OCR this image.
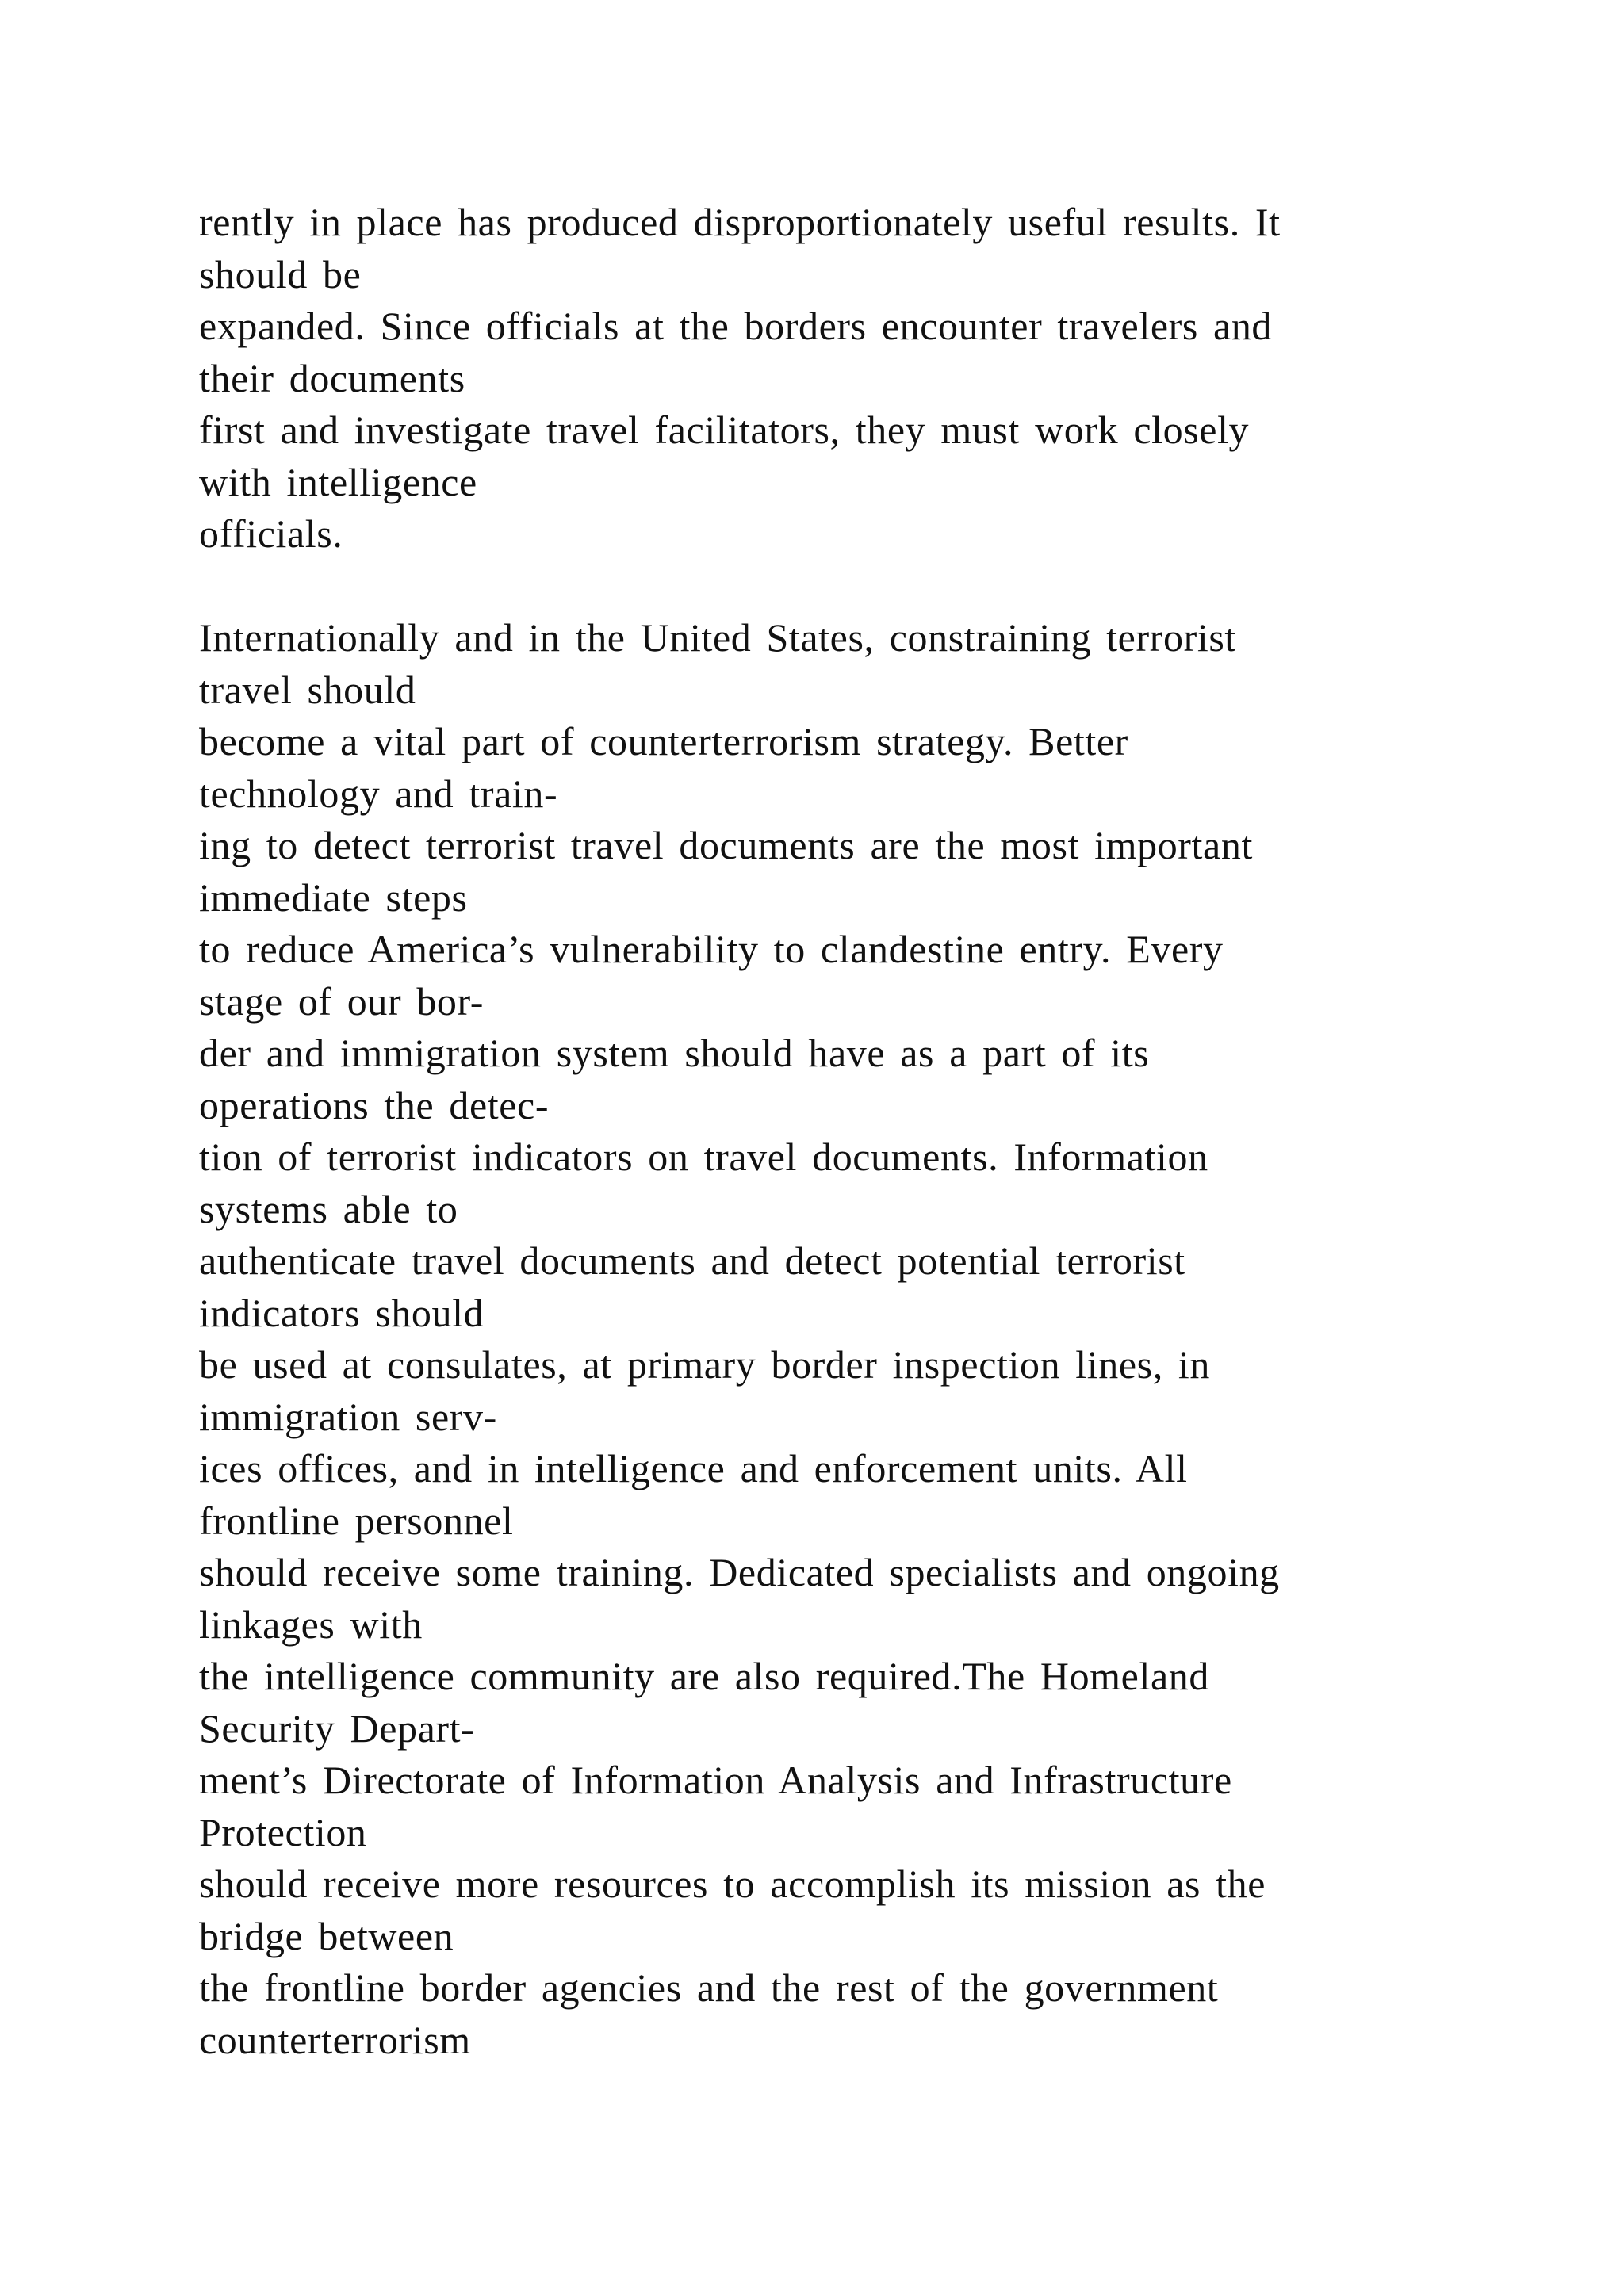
rently in place has produced disproportionately useful results. It
should be
expanded. Since officials at the borders encounter travelers and
their documents
first and investigate travel facilitators, they must work closely
with intelligence
officials.
Internationally and in the United States, constraining terrorist
travel should
become a vital part of counterterrorism strategy. Better
technology and train-
ing to detect terrorist travel documents are the most important
immediate steps
to reduce America’s vulnerability to clandestine entry. Every
stage of our bor-
der and immigration system should have as a part of its
operations the detec-
tion of terrorist indicators on travel documents. Information
systems able to
authenticate travel documents and detect potential terrorist
indicators should
be used at consulates, at primary border inspection lines, in
immigration serv-
ices offices, and in intelligence and enforcement units. All
frontline personnel
should receive some training. Dedicated specialists and ongoing
linkages with
the intelligence community are also required.The Homeland
Security Depart-
ment’s Directorate of Information Analysis and Infrastructure
Protection
should receive more resources to accomplish its mission as the
bridge between
the frontline border agencies and the rest of the government
counterterrorism
